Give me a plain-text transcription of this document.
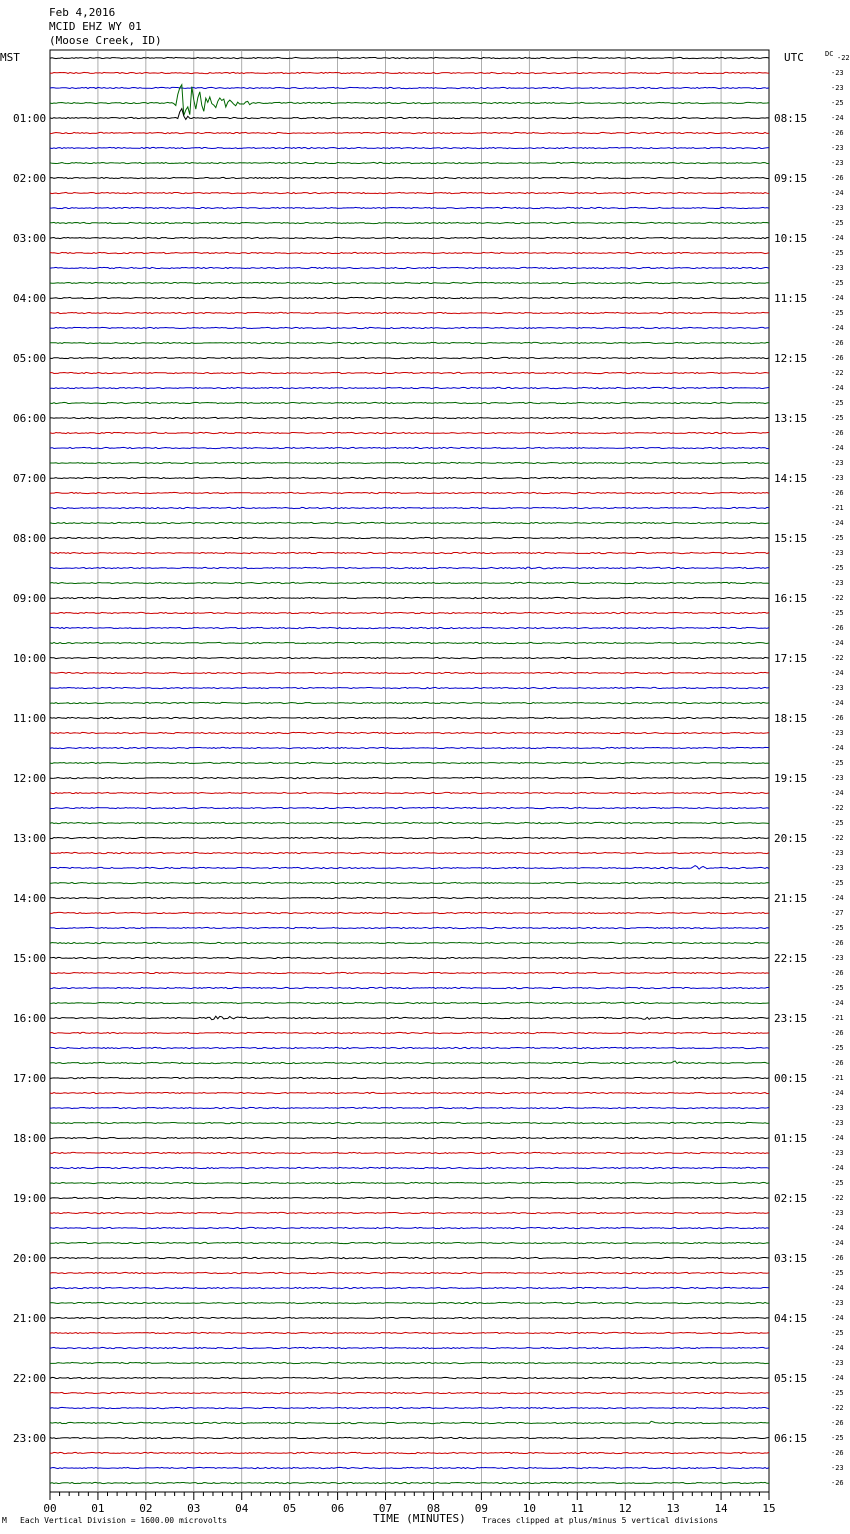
Feb 4,2016
MCID EHZ WY 01
(Moose Creek, ID)
MST	UTC	DC
00	01	02	03	04	05	06	07	08	09	10	11	12	13	14	15
01:00	08:15
02:00	09:15
03:00	10:15
04:00	11:15
05:00	12:15
06:00	13:15
07:00	14:15
08:00	15:15
09:00	16:15
10:00	17:15
11:00	18:15
12:00	19:15
13:00	20:15
14:00	21:15
15:00	22:15
16:00	23:15
17:00	00:15
18:00	01:15
19:00	02:15
20:00	03:15
21:00	04:15
22:00	05:15
23:00	06:15
-22
-23
-23
-25
-24
-26
-23
-23
-26
-24
-23
-25
-24
-25
-23
-25
-24
-25
-24
-26
-26
-22
-24
-25
-25
-26
-24
-23
-23
-26
-21
-24
-25
-23
-25
-23
-22
-25
-26
-24
-22
-24
-23
-24
-26
-23
-24
-25
-23
-24
-22
-25
-22
-23
-23
-25
-24
-27
-25
-26
-23
-26
-25
-24
-21
-26
-25
-26
-21
-24
-23
-23
-24
-23
-24
-25
-22
-23
-24
-24
-26
-25
-24
-23
-24
-25
-24
-23
-24
-25
-22
-26
-25
-26
-23
-26
M Each Vertical Division = 1600.00 microvolts	TIME (MINUTES) Traces clipped at plus/minus 5 vertical divisions
